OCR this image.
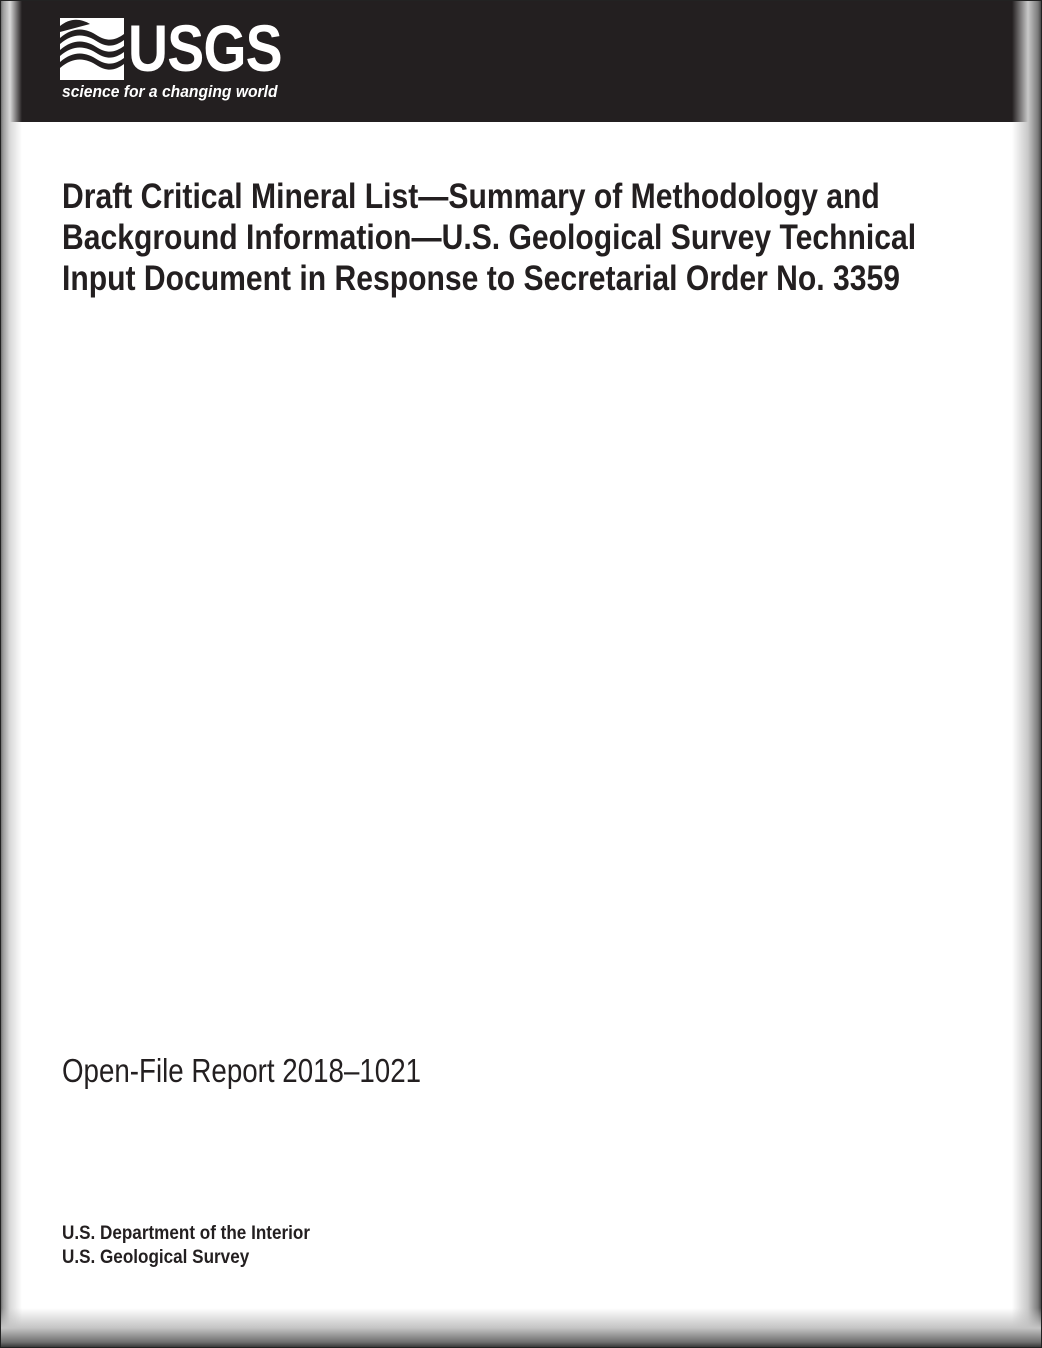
USGS
science for a changing world
Draft Critical Mineral List—Summary of Methodology and Background Information—U.S. Geological Survey Technical Input Document in Response to Secretarial Order No. 3359
Open-File Report 2018–1021
U.S. Department of the Interior
U.S. Geological Survey
